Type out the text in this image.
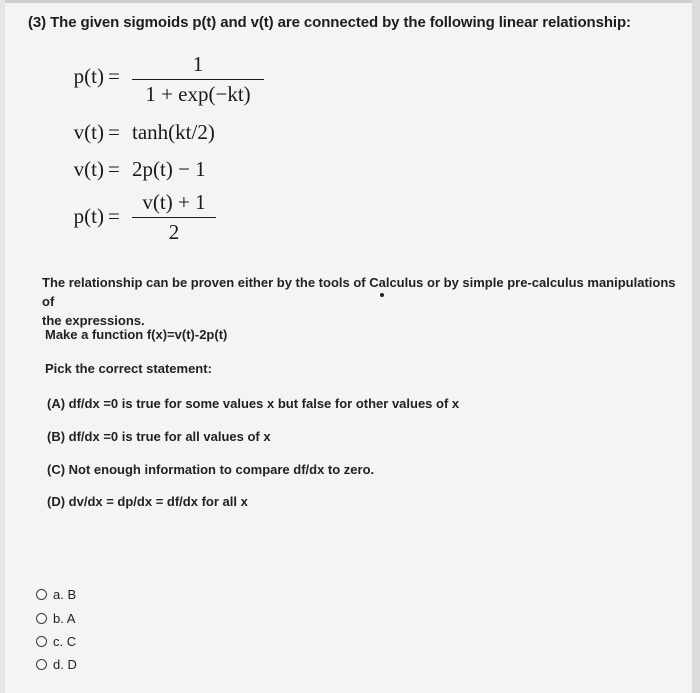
(3) The given sigmoids p(t) and v(t) are connected by the following linear relationship:
p(t) =	1
1 + exp(−kt)
v(t) = tanh(kt/2)
v(t) = 2p(t) − 1
p(t) =
v(t) + 1
2
The relationship can be proven either by the tools of Calculus or by simple pre-calculus manipulations of
the expressions.
Make a function f(x)=v(t)-2p(t)
Pick the correct statement:
(A) df/dx =0 is true for some values x but false for other values of x
(B) df/dx =0 is true for all values of x
(C) Not enough information to compare df/dx to zero.
(D) dv/dx = dp/dx = df/dx for all x
a. B
b. A
c. C
d. D
